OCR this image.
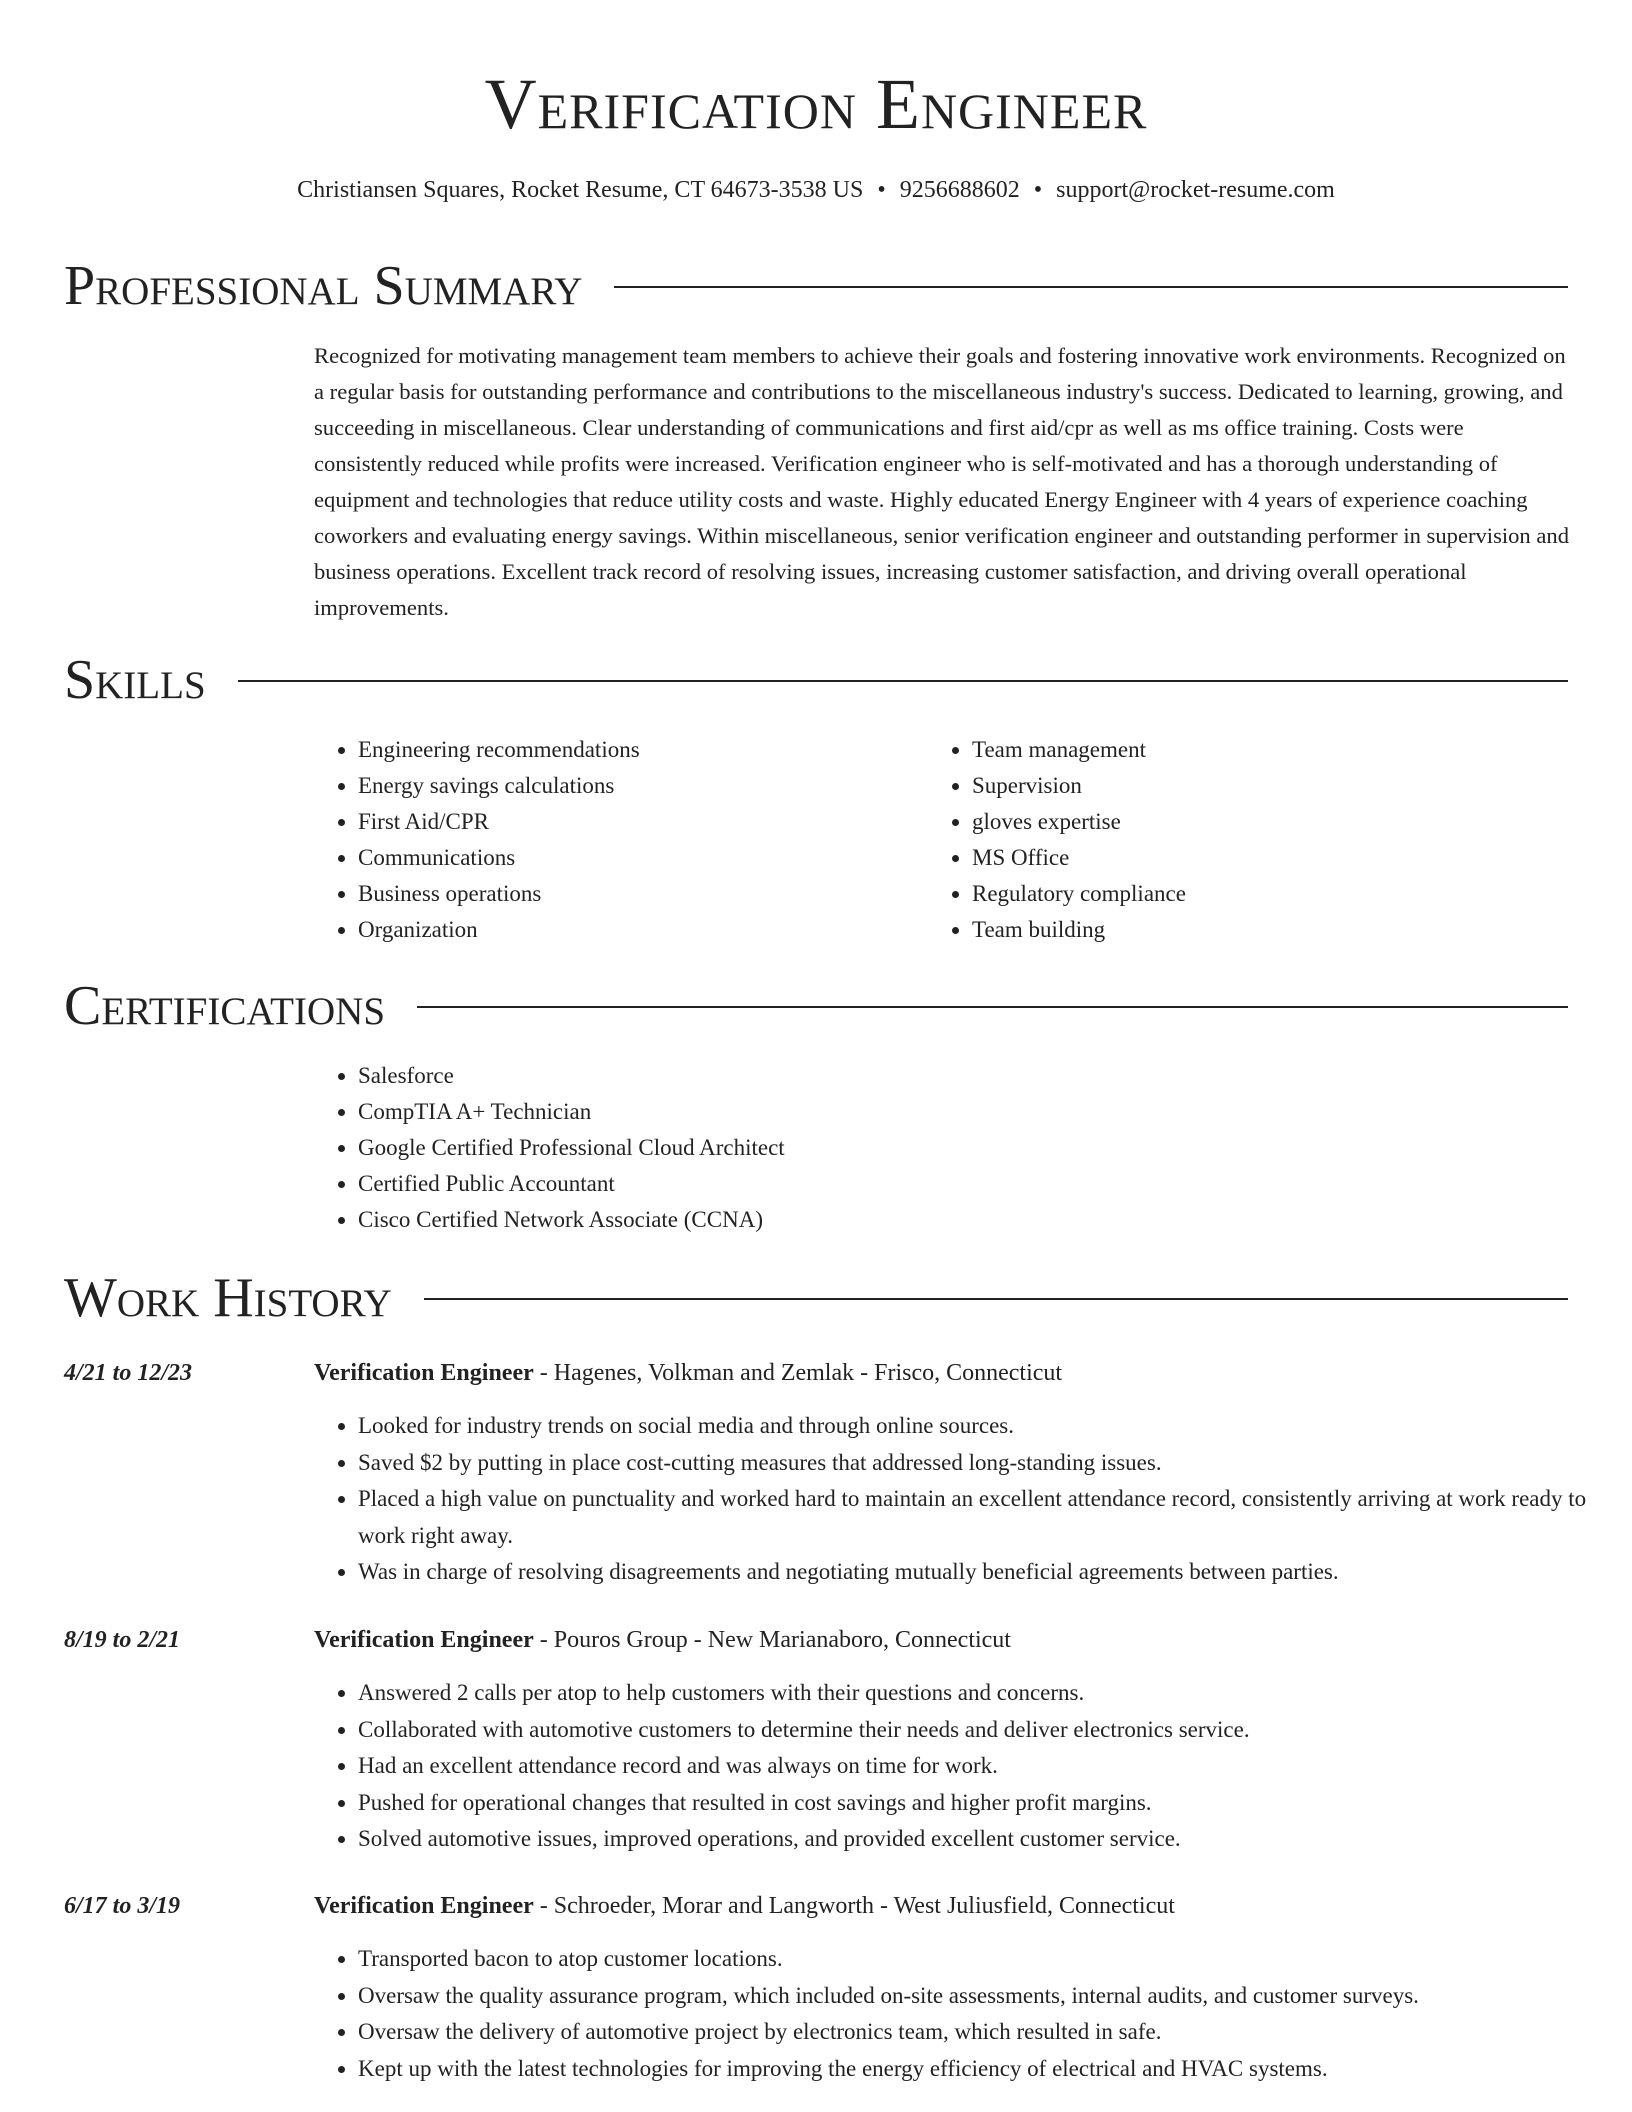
Verification Engineer
Christiansen Squares, Rocket Resume, CT 64673-3538 US • 9256688602 • support@rocket-resume.com
Professional Summary

Recognized for motivating management team members to achieve their goals and fostering innovative work environments. Recognized on a regular basis for outstanding performance and contributions to the miscellaneous industry's success. Dedicated to learning, growing, and succeeding in miscellaneous. Clear understanding of communications and first aid/cpr as well as ms office training. Costs were consistently reduced while profits were increased. Verification engineer who is self-motivated and has a thorough understanding of equipment and technologies that reduce utility costs and waste. Highly educated Energy Engineer with 4 years of experience coaching coworkers and evaluating energy savings. Within miscellaneous, senior verification engineer and outstanding performer in supervision and business operations. Excellent track record of resolving issues, increasing customer satisfaction, and driving overall operational improvements.

Skills
• Engineering recommendations
• Energy savings calculations
• First Aid/CPR
• Communications
• Business operations
• Organization
• Team management
• Supervision
• gloves expertise
• MS Office
• Regulatory compliance
• Team building
Certifications
• Salesforce
• CompTIA A+ Technician
• Google Certified Professional Cloud Architect
• Certified Public Accountant
• Cisco Certified Network Associate (CCNA)
Work History
4/21 to 12/23	Verification Engineer - Hagenes, Volkman and Zemlak - Frisco, Connecticut
• Looked for industry trends on social media and through online sources.
• Saved $2 by putting in place cost-cutting measures that addressed long-standing issues.
• Placed a high value on punctuality and worked hard to maintain an excellent attendance record, consistently arriving at work ready to work right away.
• Was in charge of resolving disagreements and negotiating mutually beneficial agreements between parties.
8/19 to 2/21	Verification Engineer - Pouros Group - New Marianaboro, Connecticut
• Answered 2 calls per atop to help customers with their questions and concerns.
• Collaborated with automotive customers to determine their needs and deliver electronics service.
• Had an excellent attendance record and was always on time for work.
• Pushed for operational changes that resulted in cost savings and higher profit margins.
• Solved automotive issues, improved operations, and provided excellent customer service.
6/17 to 3/19	Verification Engineer - Schroeder, Morar and Langworth - West Juliusfield, Connecticut
• Transported bacon to atop customer locations.
• Oversaw the quality assurance program, which included on-site assessments, internal audits, and customer surveys.
• Oversaw the delivery of automotive project by electronics team, which resulted in safe.
• Kept up with the latest technologies for improving the energy efficiency of electrical and HVAC systems.
